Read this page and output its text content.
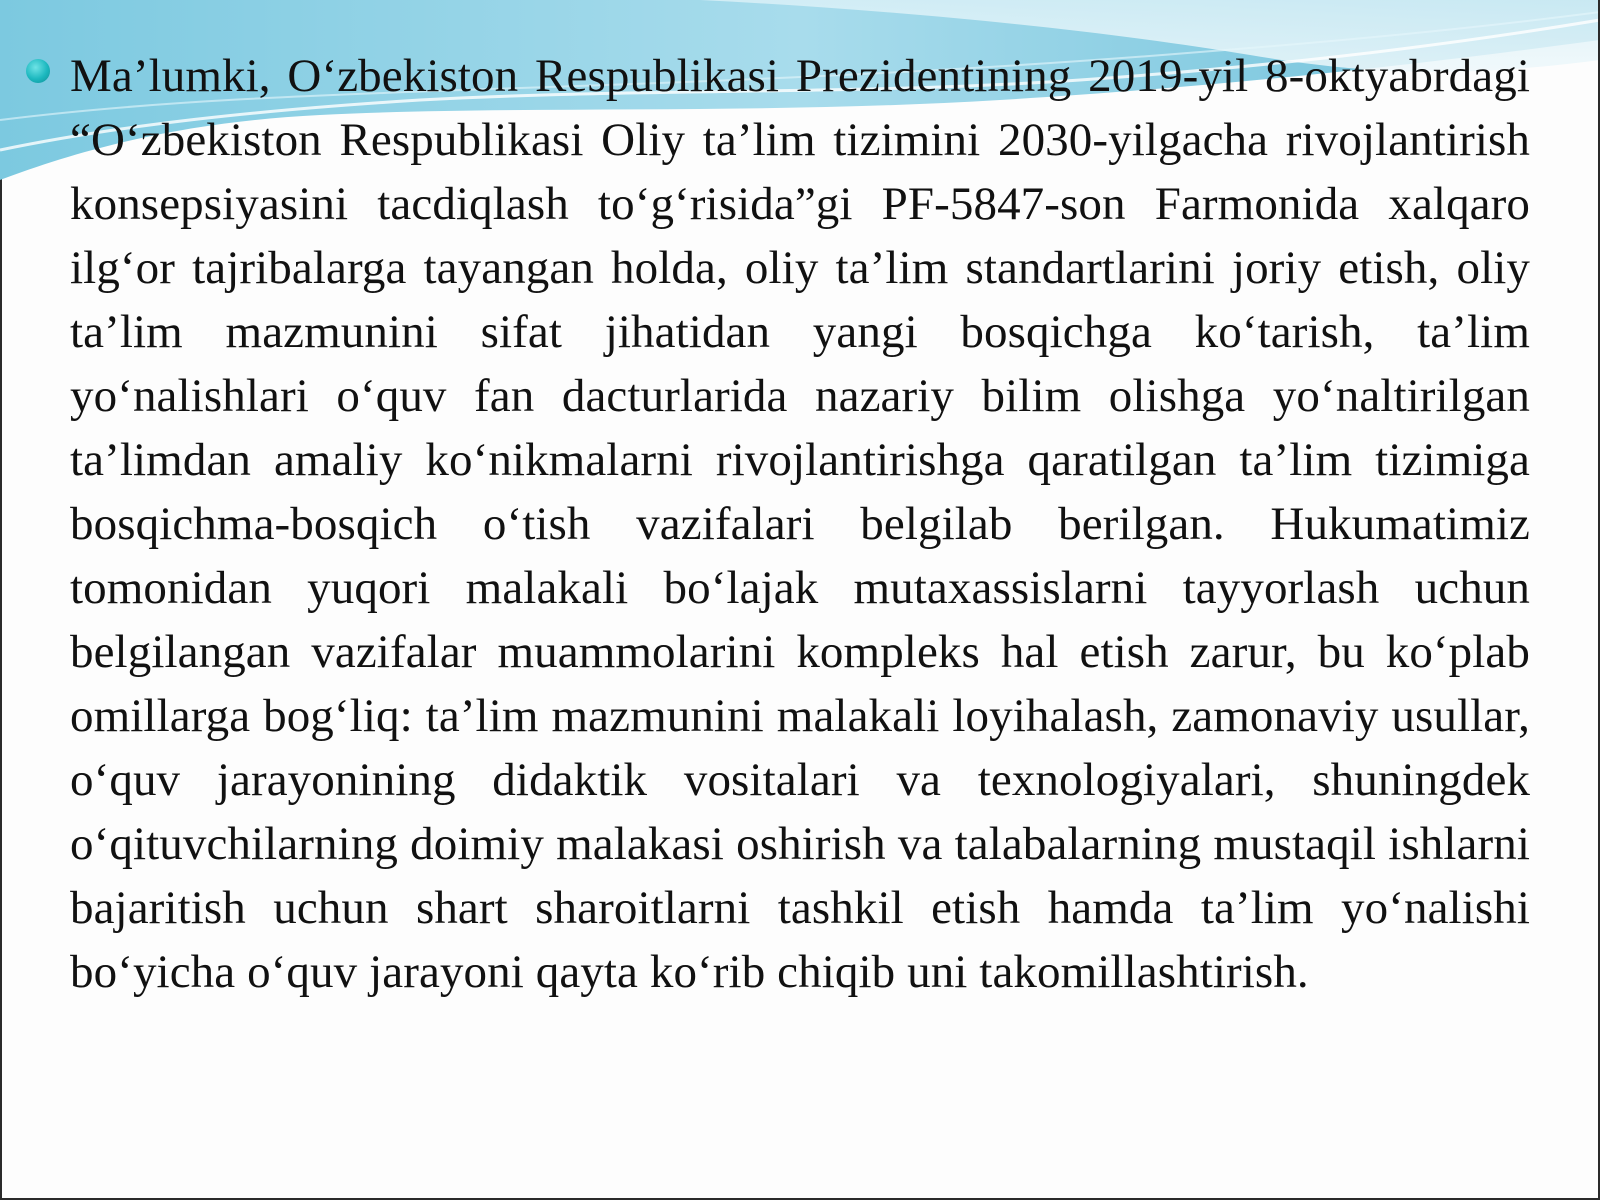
Ma’lumki, O‘zbekiston Respublikasi Prezidentining 2019-yil 8-oktyabrdagi “O‘zbekiston Respublikasi Oliy ta’lim tizimini 2030-yilgacha rivojlantirish konsepsiyasini tacdiqlash to‘g‘risida”gi PF-5847-son Farmonida xalqaro ilg‘or tajribalarga tayangan holda, oliy ta’lim standartlarini joriy etish, oliy ta’lim mazmunini sifat jihatidan yangi bosqichga ko‘tarish, ta’lim yo‘nalishlari o‘quv fan dacturlarida nazariy bilim olishga yo‘naltirilgan ta’limdan amaliy ko‘nikmalarni rivojlantirishga qaratilgan ta’lim tizimiga bosqichma-bosqich o‘tish vazifalari belgilab berilgan. Hukumatimiz tomonidan yuqori malakali bo‘lajak mutaxassislarni tayyorlash uchun belgilangan vazifalar muammolarini kompleks hal etish zarur, bu ko‘plab omillarga bog‘liq: ta’lim mazmunini malakali loyihalash, zamonaviy usullar, o‘quv jarayonining didaktik vositalari va texnologiyalari, shuningdek o‘qituvchilarning doimiy malakasi oshirish va talabalarning mustaqil ishlarni bajaritish uchun shart sharoitlarni tashkil etish hamda ta’lim yo‘nalishi bo‘yicha o‘quv jarayoni qayta ko‘rib chiqib uni takomillashtirish.
